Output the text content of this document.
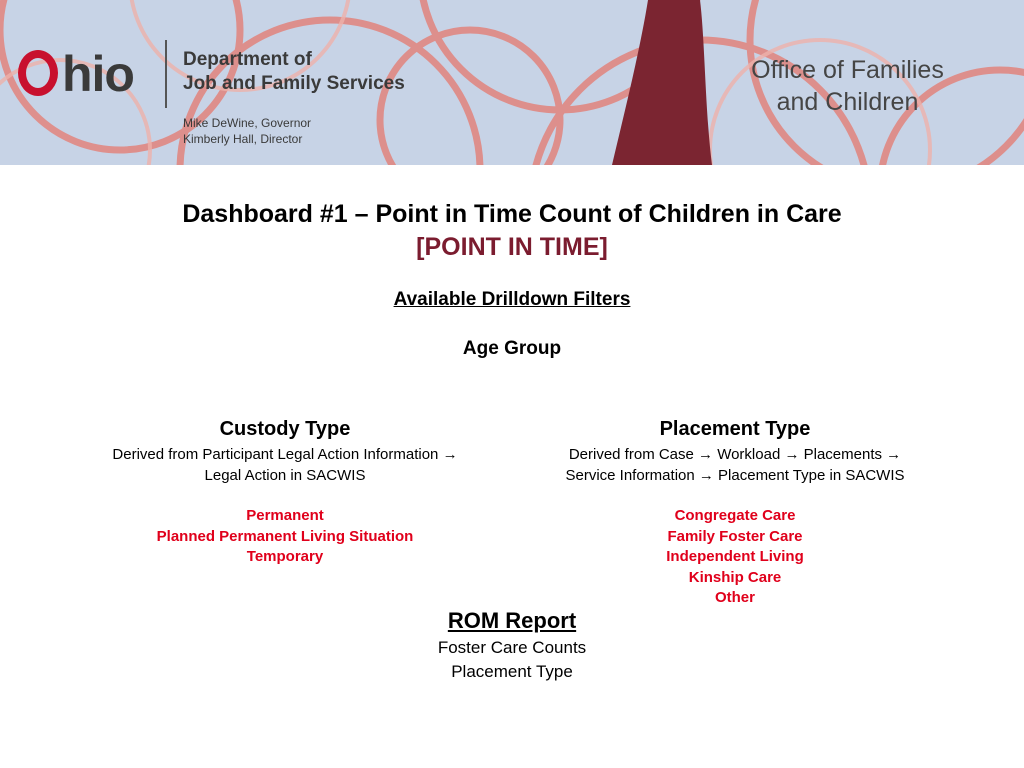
hio	Department of
Job and Family Services
Mike DeWine, Governor
Kimberly Hall, Director
Office of Families
and Children
Dashboard #1 – Point in Time Count of Children in Care
[POINT IN TIME]
Available Drilldown Filters
Age Group
Custody Type
Derived from Participant Legal Action Information →
Legal Action in SACWIS
Permanent
Planned Permanent Living Situation
Temporary
Placement Type
Derived from Case → Workload → Placements →
Service Information → Placement Type in SACWIS
Congregate Care
Family Foster Care
Independent Living
Kinship Care
Other
ROM Report
Foster Care Counts
Placement Type
